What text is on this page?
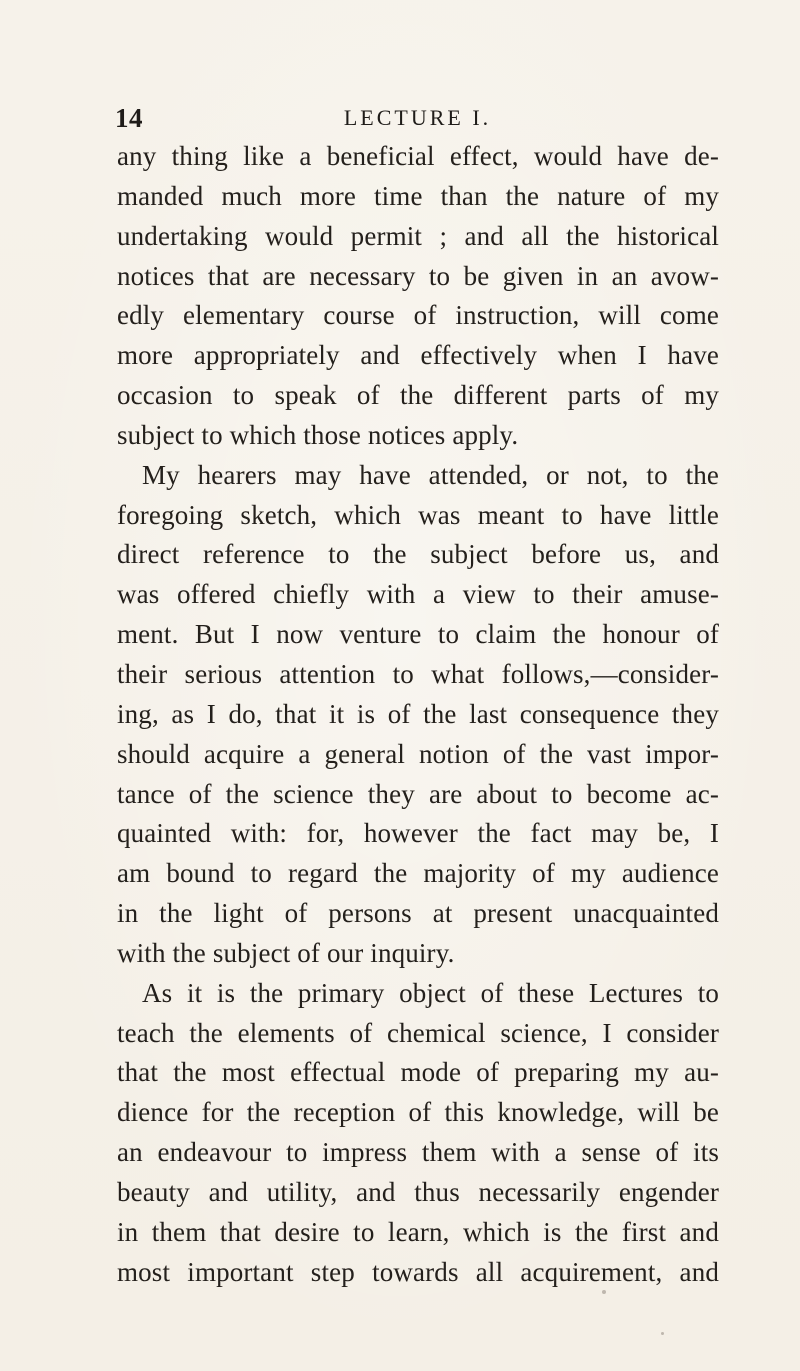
14	LECTURE I.
any thing like a beneficial effect, would have de-
manded much more time than the nature of my
undertaking would permit ; and all the historical
notices that are necessary to be given in an avow-
edly elementary course of instruction, will come
more appropriately and effectively when I have
occasion to speak of the different parts of my
subject to which those notices apply.
My hearers may have attended, or not, to the
foregoing sketch, which was meant to have little
direct reference to the subject before us, and
was offered chiefly with a view to their amuse-
ment. But I now venture to claim the honour of
their serious attention to what follows,—consider-
ing, as I do, that it is of the last consequence they
should acquire a general notion of the vast impor-
tance of the science they are about to become ac-
quainted with: for, however the fact may be, I
am bound to regard the majority of my audience
in the light of persons at present unacquainted
with the subject of our inquiry.
As it is the primary object of these Lectures to
teach the elements of chemical science, I consider
that the most effectual mode of preparing my au-
dience for the reception of this knowledge, will be
an endeavour to impress them with a sense of its
beauty and utility, and thus necessarily engender
in them that desire to learn, which is the first and
most important step towards all acquirement, and
